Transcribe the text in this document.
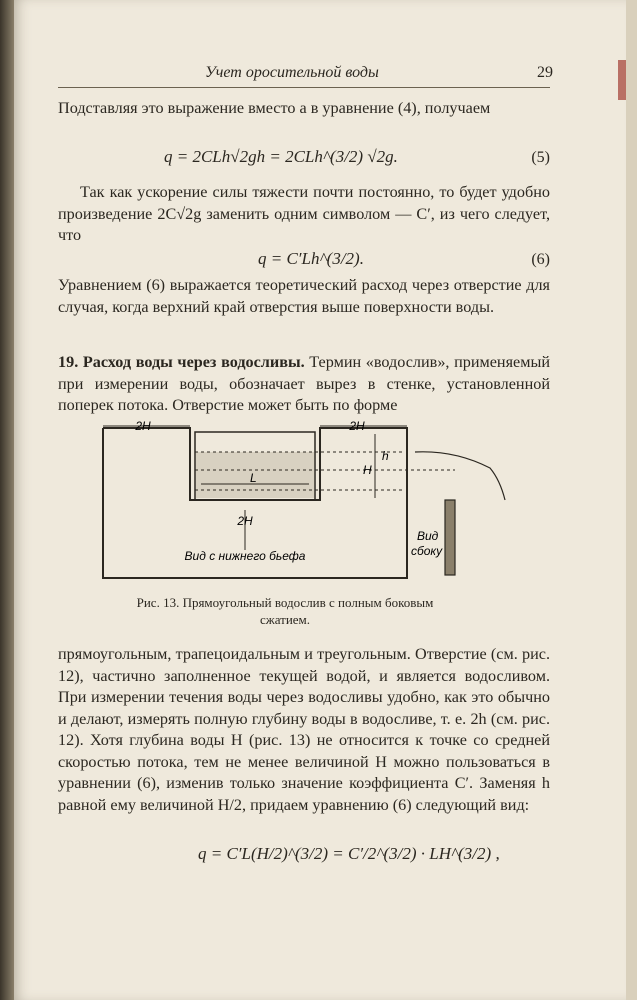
Учет оросительной воды	29

Подставляя это выражение вместо a в уравнение (4), получаем

q = 2CLh√2gh = 2CLh^(3/2) √2g.	(5)

Так как ускорение силы тяжести почти постоянно, то будет удобно произведение 2C√2g заменить одним символом — C′, из чего следует, что

q = C′Lh^(3/2).	(6)

Уравнением (6) выражается теоретический расход через отверстие для случая, когда верхний край отверстия выше поверхности воды.

19. Расход воды через водосливы. Термин «водослив», применяемый при измерении воды, обозначает вырез в стенке, установленной поперек потока. Отверстие может быть по форме

2H	2H
h
H
L
2H
Вид с нижнего бьефа
Вид
сбоку
Рис. 13. Прямоугольный водослив с полным боковым
сжатием.

прямоугольным, трапецоидальным и треугольным. Отверстие (см. рис. 12), частично заполненное текущей водой, и является водосливом. При измерении течения воды через водосливы удобно, как это обычно и делают, измерять полную глубину воды в водосливе, т. е. 2h (см. рис. 12). Хотя глубина воды H (рис. 13) не относится к точке со средней скоростью потока, тем не менее величиной H можно пользоваться в уравнении (6), изменив только значение коэффициента C′. Заменяя h равной ему величиной H/2, придаем уравнению (6) следующий вид:

q = C′L(H/2)^(3/2) = C′/2^(3/2) · LH^(3/2) ,
